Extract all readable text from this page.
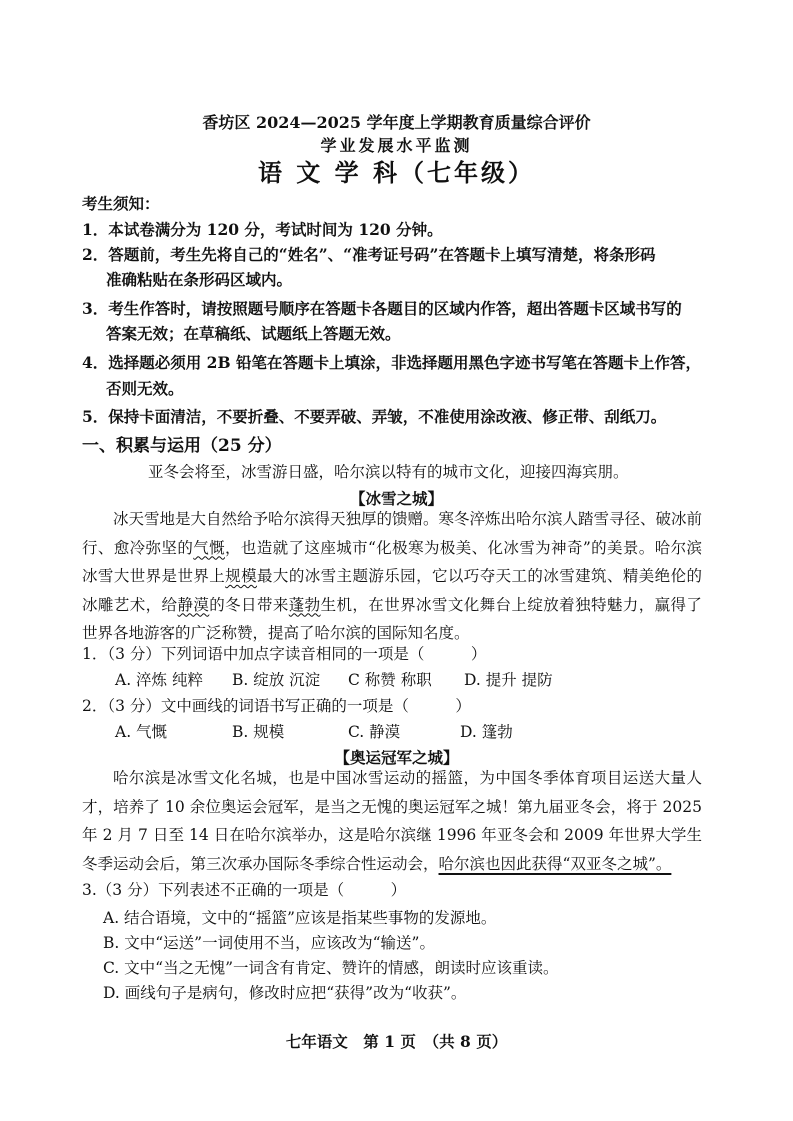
香坊区 2024—2025 学年度上学期教育质量综合评价
学业发展水平监测
语 文 学 科（七年级）
考生须知：
1．本试卷满分为 120 分，考试时间为 120 分钟。
2．答题前，考生先将自己的“姓名”、“准考证号码”在答题卡上填写清楚，将条形码
准确粘贴在条形码区域内。
3．考生作答时，请按照题号顺序在答题卡各题目的区域内作答，超出答题卡区域书写的
答案无效；在草稿纸、试题纸上答题无效。
4．选择题必须用 2B 铅笔在答题卡上填涂，非选择题用黑色字迹书写笔在答题卡上作答，
否则无效。
5．保持卡面清洁，不要折叠、不要弄破、弄皱，不准使用涂改液、修正带、刮纸刀。
一、积累与运用（25 分）
亚冬会将至，冰雪游日盛，哈尔滨以特有的城市文化，迎接四海宾朋。
【冰雪之城】
冰天雪地是大自然给予哈尔滨得天独厚的馈赠。寒冬淬炼出哈尔滨人踏雪寻径、破冰前行、愈冷弥坚的气慨，也造就了这座城市“化极寒为极美、化冰雪为神奇”的美景。哈尔滨冰雪大世界是世界上规模最大的冰雪主题游乐园，它以巧夺天工的冰雪建筑、精美绝伦的冰雕艺术，给静漠的冬日带来蓬勃生机，在世界冰雪文化舞台上绽放着独特魅力，赢得了世界各地游客的广泛称赞，提高了哈尔滨的国际知名度。
1．（3 分）下列词语中加点字读音相同的一项是（　　　）
A. 淬炼 纯粹 B. 绽放 沉淀 C 称赞 称职 D. 提升 提防
2．（3 分）文中画线的词语书写正确的一项是（　　　）
A. 气慨	B. 规模	C. 静漠	D. 篷勃
【奥运冠军之城】
哈尔滨是冰雪文化名城，也是中国冰雪运动的摇篮，为中国冬季体育项目运送大量人才，培养了 10 余位奥运会冠军，是当之无愧的奥运冠军之城！第九届亚冬会，将于 2025 年 2 月 7 日至 14 日在哈尔滨举办，这是哈尔滨继 1996 年亚冬会和 2009 年世界大学生冬季运动会后，第三次承办国际冬季综合性运动会，哈尔滨也因此获得“双亚冬之城”。
3.（3 分）下列表述不正确的一项是（　　　）
A. 结合语境，文中的“摇篮”应该是指某些事物的发源地。
B. 文中“运送”一词使用不当，应该改为“输送”。
C. 文中“当之无愧”一词含有肯定、赞许的情感，朗读时应该重读。
D. 画线句子是病句，修改时应把“获得”改为“收获”。
七年语文　第 1 页　（共 8 页）
